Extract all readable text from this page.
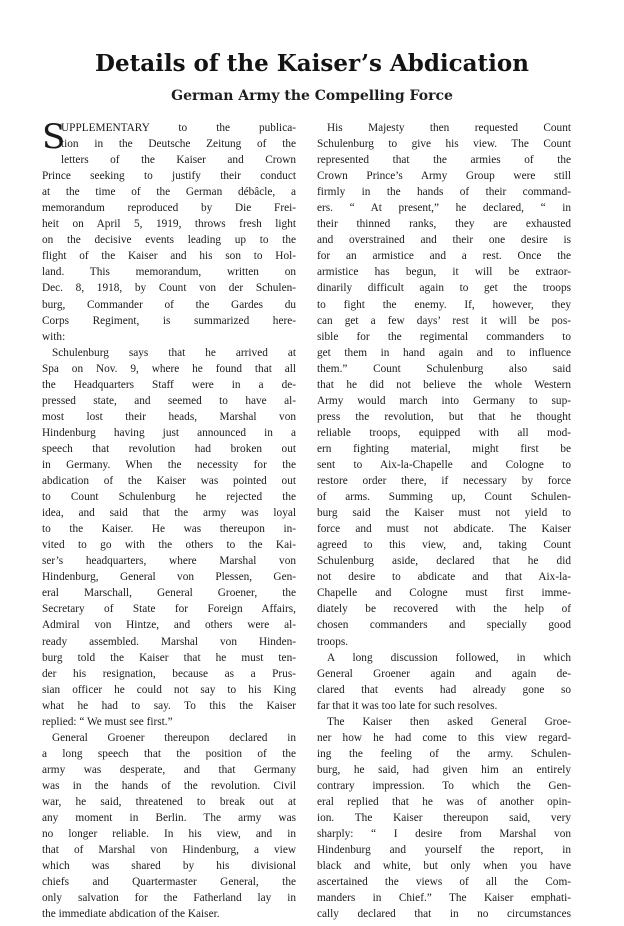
Details of the Kaiser’s Abdication
German Army the Compelling Force
S
UPPLEMENTARY to the publica-
tion in the Deutsche Zeitung of the
letters of the Kaiser and Crown
Prince seeking to justify their conduct
at the time of the German débâcle, a
memorandum reproduced by Die Frei-
heit on April 5, 1919, throws fresh light
on the decisive events leading up to the
flight of the Kaiser and his son to Hol-
land. This memorandum, written on
Dec. 8, 1918, by Count von der Schulen-
burg, Commander of the Gardes du
Corps Regiment, is summarized here-
with:
Schulenburg says that he arrived at
Spa on Nov. 9, where he found that all
the Headquarters Staff were in a de-
pressed state, and seemed to have al-
most lost their heads, Marshal von
Hindenburg having just announced in a
speech that revolution had broken out
in Germany. When the necessity for the
abdication of the Kaiser was pointed out
to Count Schulenburg he rejected the
idea, and said that the army was loyal
to the Kaiser. He was thereupon in-
vited to go with the others to the Kai-
ser’s headquarters, where Marshal von
Hindenburg, General von Plessen, Gen-
eral Marschall, General Groener, the
Secretary of State for Foreign Affairs,
Admiral von Hintze, and others were al-
ready assembled. Marshal von Hinden-
burg told the Kaiser that he must ten-
der his resignation, because as a Prus-
sian officer he could not say to his King
what he had to say. To this the Kaiser
replied: “ We must see first.”
General Groener thereupon declared in
a long speech that the position of the
army was desperate, and that Germany
was in the hands of the revolution. Civil
war, he said, threatened to break out at
any moment in Berlin. The army was
no longer reliable. In his view, and in
that of Marshal von Hindenburg, a view
which was shared by his divisional
chiefs and Quartermaster General, the
only salvation for the Fatherland lay in
the immediate abdication of the Kaiser.
His Majesty then requested Count
Schulenburg to give his view. The Count
represented that the armies of the
Crown Prince’s Army Group were still
firmly in the hands of their command-
ers. “ At present,” he declared, “ in
their thinned ranks, they are exhausted
and overstrained and their one desire is
for an armistice and a rest. Once the
armistice has begun, it will be extraor-
dinarily difficult again to get the troops
to fight the enemy. If, however, they
can get a few days’ rest it will be pos-
sible for the regimental commanders to
get them in hand again and to influence
them.” Count Schulenburg also said
that he did not believe the whole Western
Army would march into Germany to sup-
press the revolution, but that he thought
reliable troops, equipped with all mod-
ern fighting material, might first be
sent to Aix-la-Chapelle and Cologne to
restore order there, if necessary by force
of arms. Summing up, Count Schulen-
burg said the Kaiser must not yield to
force and must not abdicate. The Kaiser
agreed to this view, and, taking Count
Schulenburg aside, declared that he did
not desire to abdicate and that Aix-la-
Chapelle and Cologne must first imme-
diately be recovered with the help of
chosen commanders and specially good
troops.
A long discussion followed, in which
General Groener again and again de-
clared that events had already gone so
far that it was too late for such resolves.
The Kaiser then asked General Groe-
ner how he had come to this view regard-
ing the feeling of the army. Schulen-
burg, he said, had given him an entirely
contrary impression. To which the Gen-
eral replied that he was of another opin-
ion. The Kaiser thereupon said, very
sharply: “ I desire from Marshal von
Hindenburg and yourself the report, in
black and white, but only when you have
ascertained the views of all the Com-
manders in Chief.” The Kaiser emphati-
cally declared that in no circumstances
